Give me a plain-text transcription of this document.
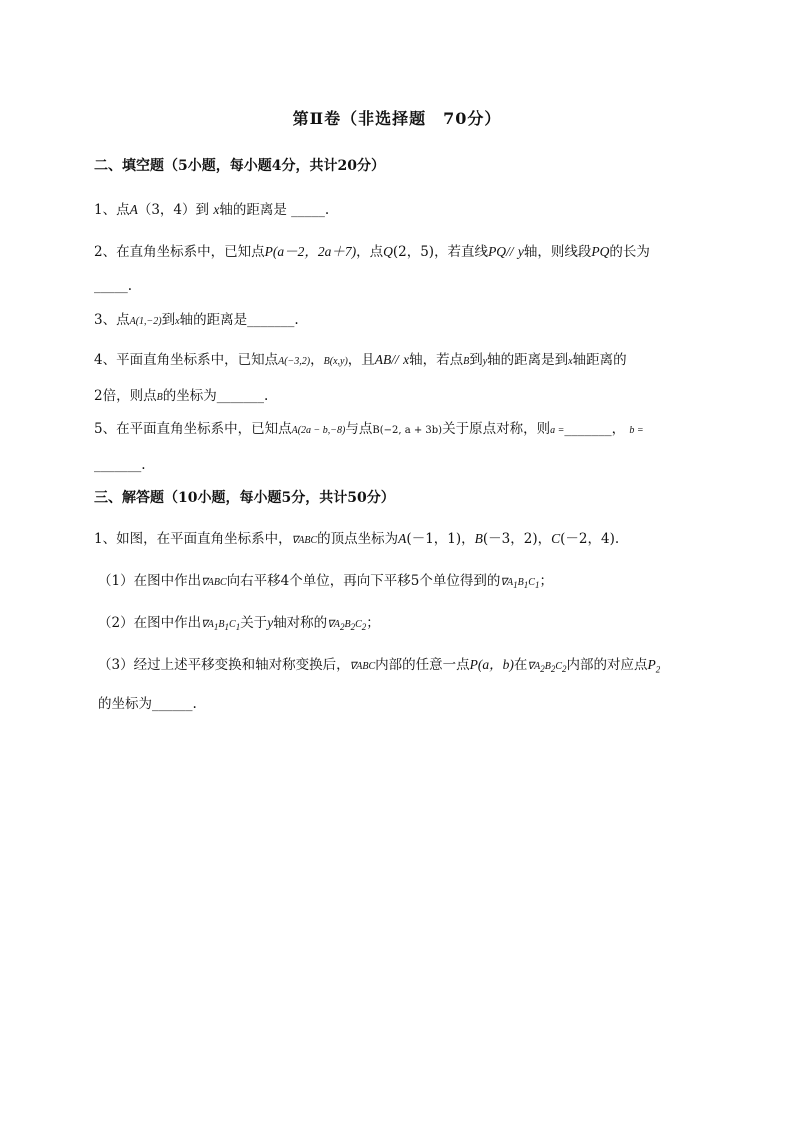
第Ⅱ卷（非选择题　70分）
二、填空题（5小题，每小题4分，共计20分）
1、点A（3，4）到 x轴的距离是 _____.
2、在直角坐标系中，已知点P(a－2，2a＋7)，点Q(2，5)，若直线PQ// y轴，则线段PQ的长为
_____.
3、点A(1,−2)到x轴的距离是_______.
4、平面直角坐标系中，已知点A(−3,2)，B(x,y)，且AB// x轴，若点B到y轴的距离是到x轴距离的
2倍，则点B的坐标为_______.
5、在平面直角坐标系中，已知点A(2a − b,−8)与点B(−2, a + 3b)关于原点对称，则a =_______， b =
_______.
三、解答题（10小题，每小题5分，共计50分）
1、如图，在平面直角坐标系中，∇ABC的顶点坐标为A(－1，1)，B(－3，2)，C(－2，4).
（1）在图中作出∇ABC向右平移4个单位，再向下平移5个单位得到的$\nabla A_1B_1C_1$；
（2）在图中作出$\nabla A_1B_1C_1$关于y轴对称的$\nabla A_2B_2C_2$；
（3）经过上述平移变换和轴对称变换后，∇ABC内部的任意一点P(a，b)在$\nabla A_2B_2C_2$内部的对应点$P_2$
的坐标为______.
